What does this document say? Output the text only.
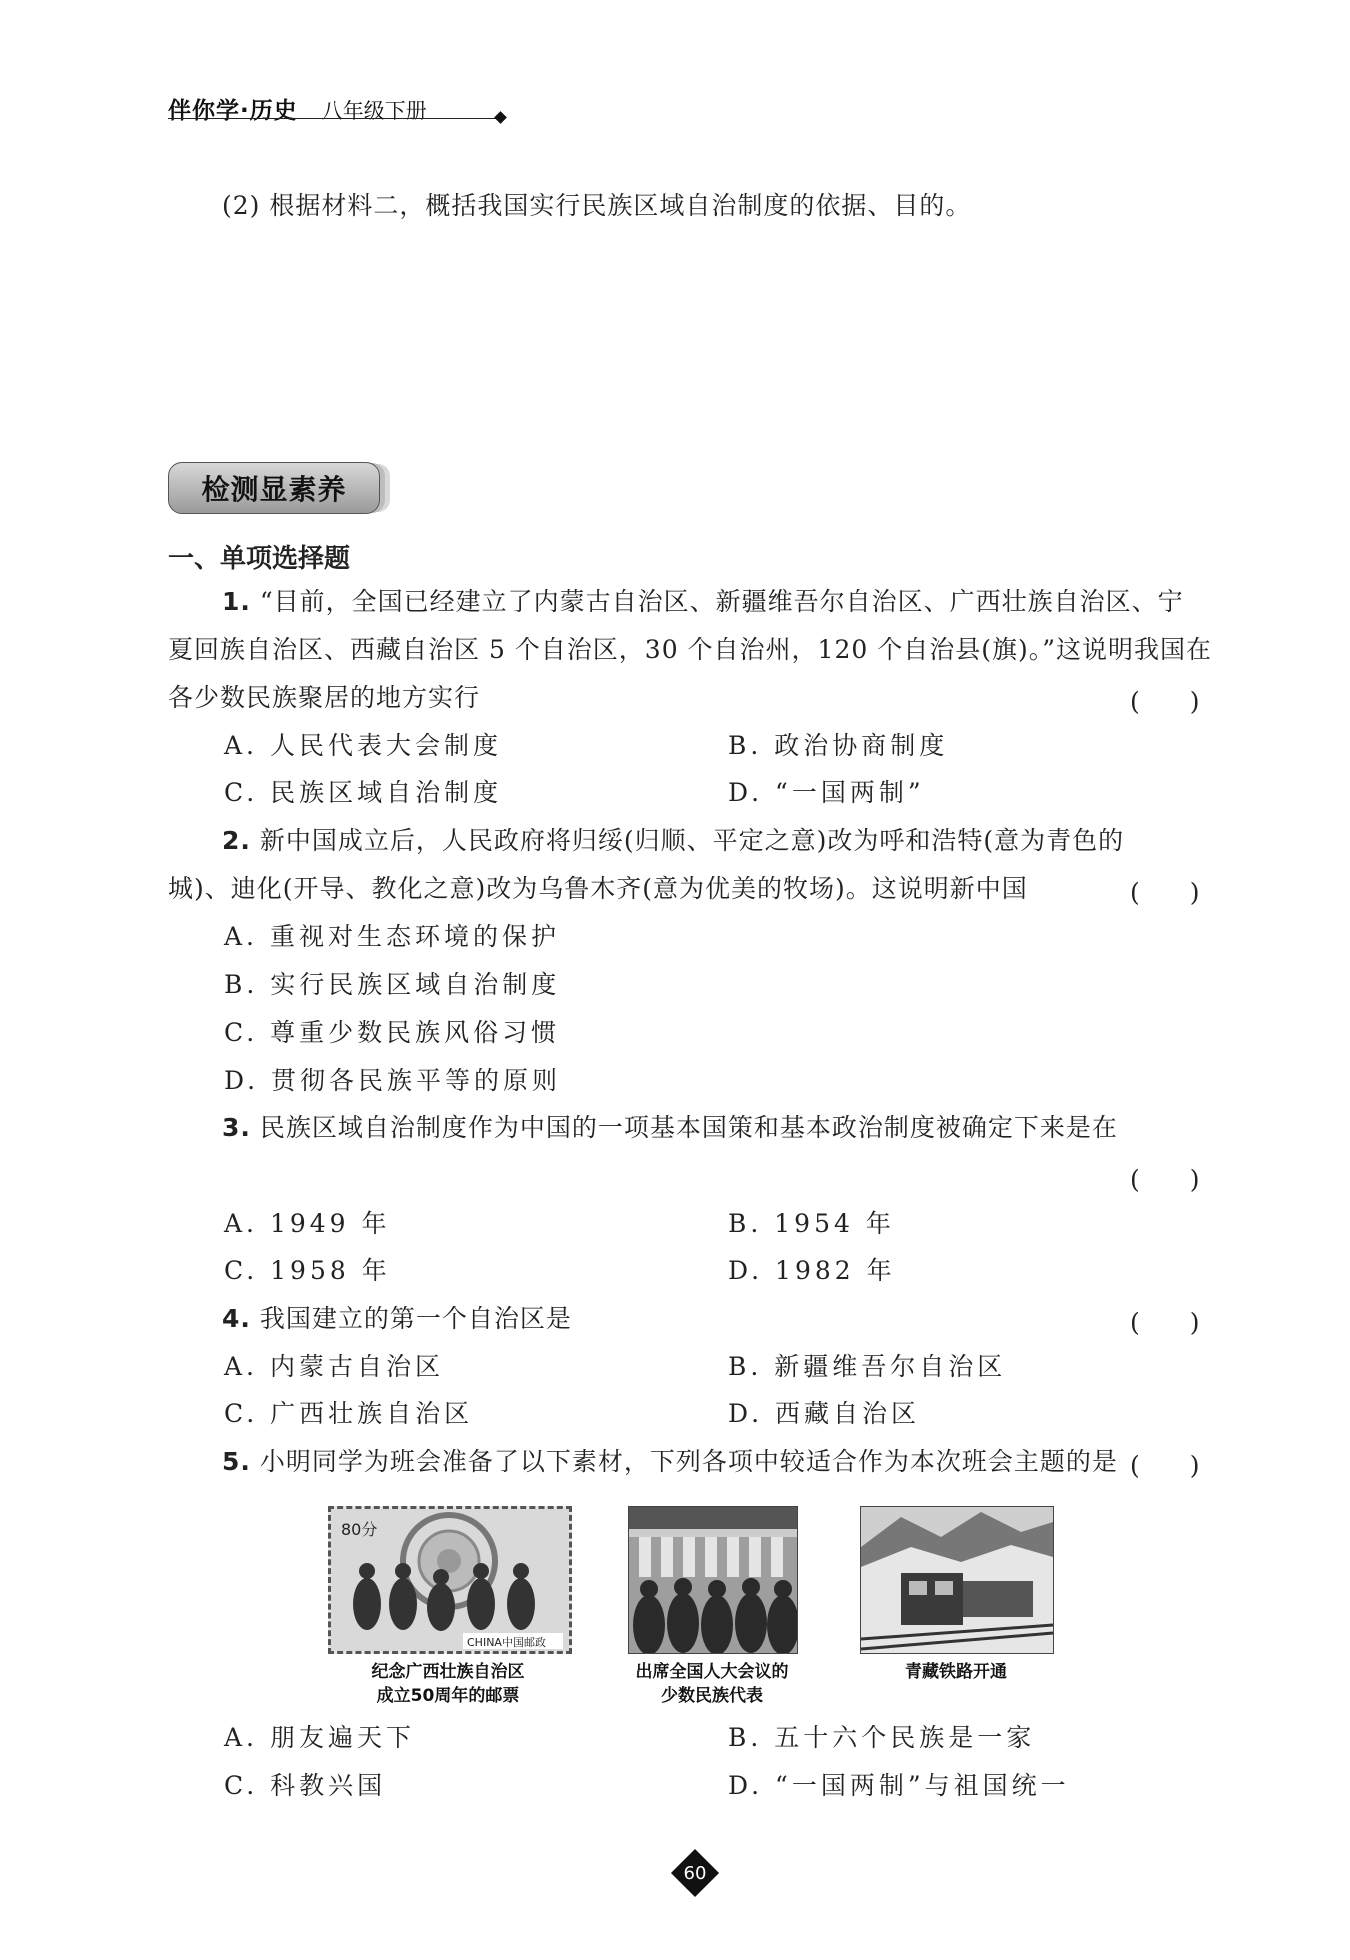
伴你学·历史 八年级下册
(2) 根据材料二，概括我国实行民族区域自治制度的依据、目的。
检测显素养
一、单项选择题
1. “目前，全国已经建立了内蒙古自治区、新疆维吾尔自治区、广西壮族自治区、宁
夏回族自治区、西藏自治区 5 个自治区，30 个自治州，120 个自治县(旗)。”这说明我国在
各少数民族聚居的地方实行	(　　)
A. 人民代表大会制度	B. 政治协商制度
C. 民族区域自治制度	D. “一国两制”
2. 新中国成立后，人民政府将归绥(归顺、平定之意)改为呼和浩特(意为青色的
城)、迪化(开导、教化之意)改为乌鲁木齐(意为优美的牧场)。这说明新中国	(　　)
A. 重视对生态环境的保护
B. 实行民族区域自治制度
C. 尊重少数民族风俗习惯
D. 贯彻各民族平等的原则
3. 民族区域自治制度作为中国的一项基本国策和基本政治制度被确定下来是在
(　　)
A. 1949 年	B. 1954 年
C. 1958 年	D. 1982 年
4. 我国建立的第一个自治区是	(　　)
A. 内蒙古自治区	B. 新疆维吾尔自治区
C. 广西壮族自治区	D. 西藏自治区
5. 小明同学为班会准备了以下素材，下列各项中较适合作为本次班会主题的是 (　　)
80分
CHINA中国邮政
纪念广西壮族自治区
成立50周年的邮票
出席全国人大会议的
少数民族代表
青藏铁路开通
A. 朋友遍天下	B. 五十六个民族是一家
C. 科教兴国	D. “一国两制”与祖国统一
60
